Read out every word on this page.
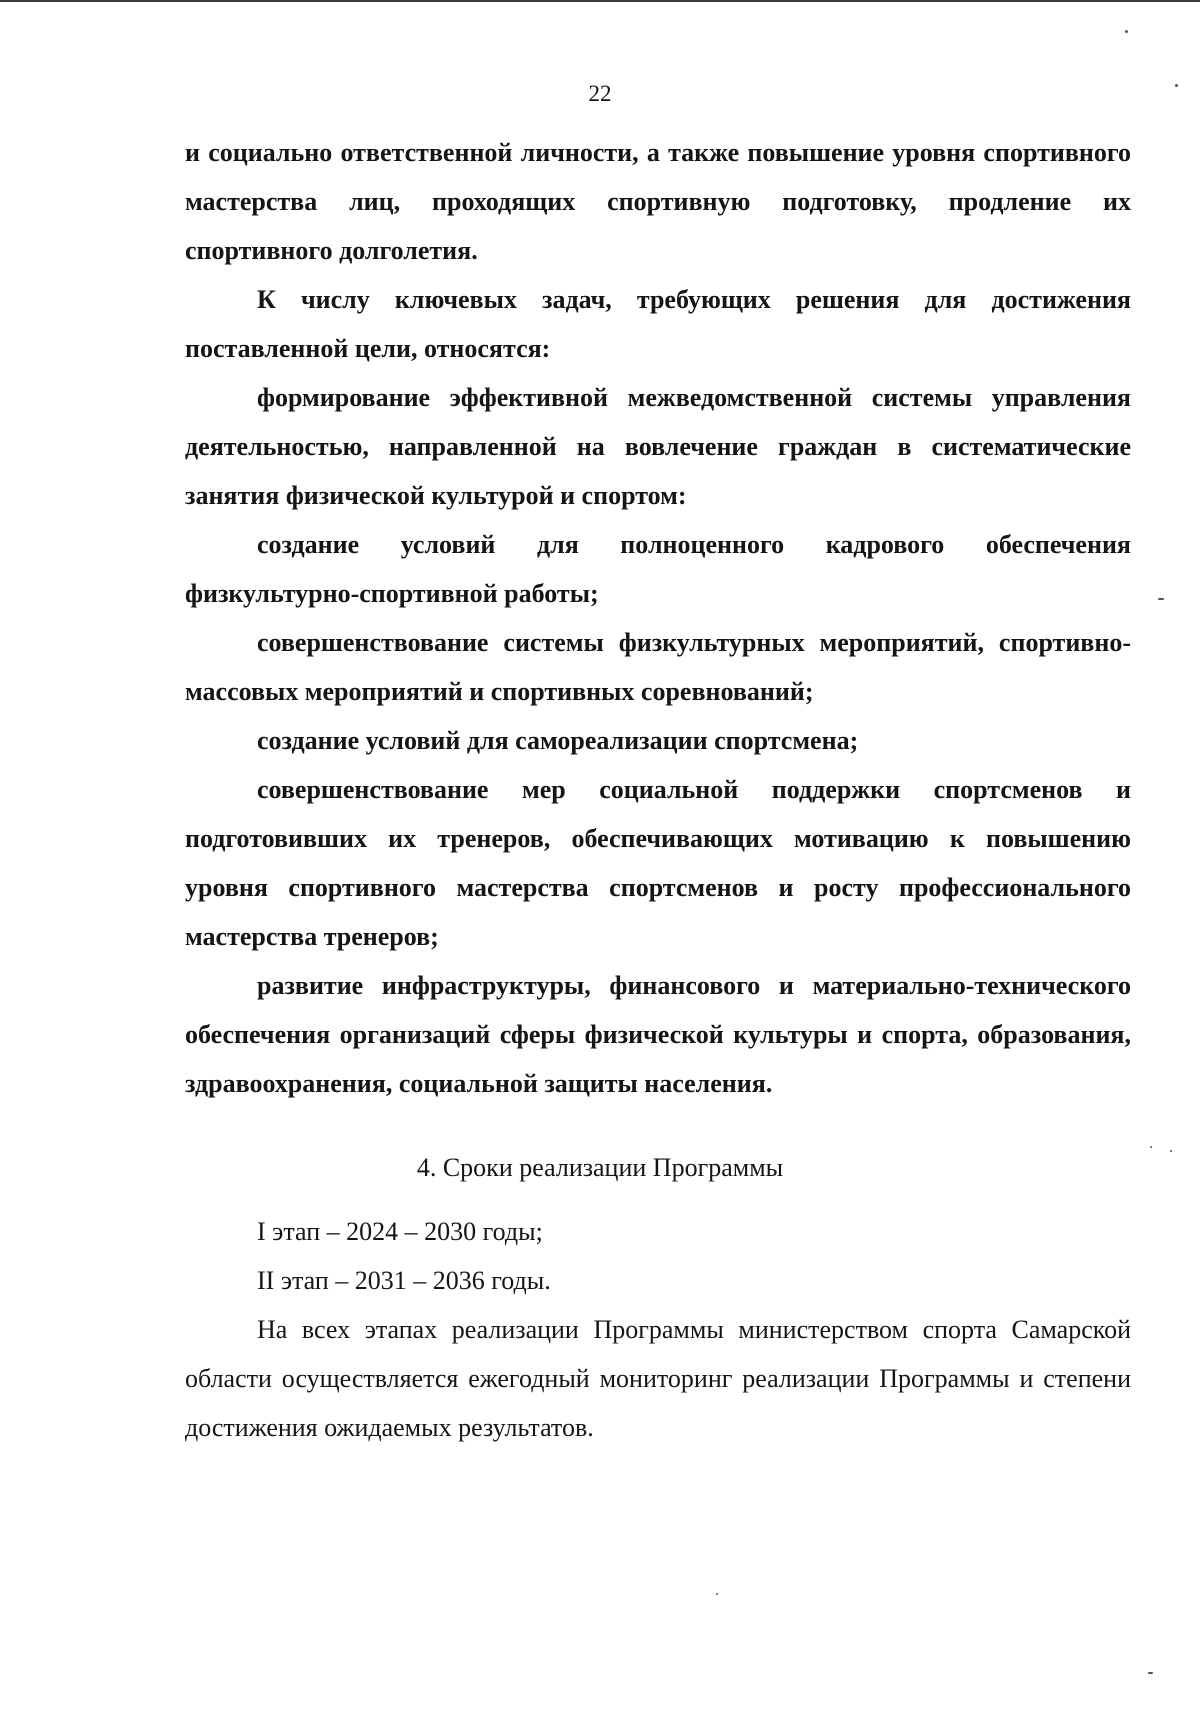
22

и социально ответственной личности, а также повышение уровня спортивного мастерства лиц, проходящих спортивную подготовку, продление их спортивного долголетия.

К числу ключевых задач, требующих решения для достижения поставленной цели, относятся:

формирование эффективной межведомственной системы управления деятельностью, направленной на вовлечение граждан в систематические занятия физической культурой и спортом:

создание условий для полноценного кадрового обеспечения физкультурно-спортивной работы;

совершенствование системы физкультурных мероприятий, спортивно-массовых мероприятий и спортивных соревнований;

создание условий для самореализации спортсмена;

совершенствование мер социальной поддержки спортсменов и подготовивших их тренеров, обеспечивающих мотивацию к повышению уровня спортивного мастерства спортсменов и росту профессионального мастерства тренеров;

развитие инфраструктуры, финансового и материально-технического обеспечения организаций сферы физической культуры и спорта, образования, здравоохранения, социальной защиты населения.

4. Сроки реализации Программы

I этап – 2024 – 2030 годы;

II этап – 2031 – 2036 годы.

На всех этапах реализации Программы министерством спорта Самарской области осуществляется ежегодный мониторинг реализации Программы и степени достижения ожидаемых результатов.
